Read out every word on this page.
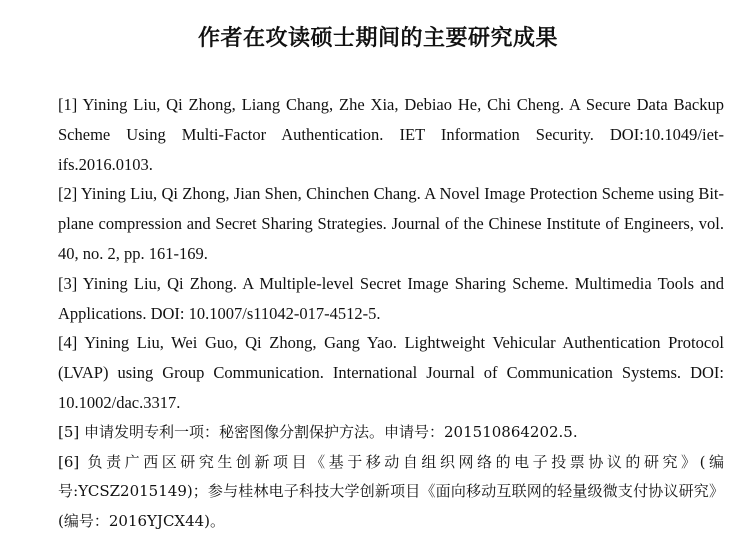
作者在攻读硕士期间的主要研究成果

[1] Yining Liu, Qi Zhong, Liang Chang, Zhe Xia, Debiao He, Chi Cheng. A Secure Data Backup Scheme Using Multi-Factor Authentication. IET Information Security. DOI:10.1049/iet-ifs.2016.0103.

[2] Yining Liu, Qi Zhong, Jian Shen, Chinchen Chang. A Novel Image Protection Scheme using Bit-plane compression and Secret Sharing Strategies. Journal of the Chinese Institute of Engineers, vol. 40, no. 2, pp. 161-169.

[3] Yining Liu, Qi Zhong. A Multiple-level Secret Image Sharing Scheme. Multimedia Tools and Applications. DOI: 10.1007/s11042-017-4512-5.

[4] Yining Liu, Wei Guo, Qi Zhong, Gang Yao. Lightweight Vehicular Authentication Protocol (LVAP) using Group Communication. International Journal of Communication Systems. DOI: 10.1002/dac.3317.

[5] 申请发明专利一项：秘密图像分割保护方法。申请号：201510864202.5.

[6] 负责广西区研究生创新项目《基于移动自组织网络的电子投票协议的研究》(编号:YCSZ2015149)；参与桂林电子科技大学创新项目《面向移动互联网的轻量级微支付协议研究》(编号：2016YJCX44)。
